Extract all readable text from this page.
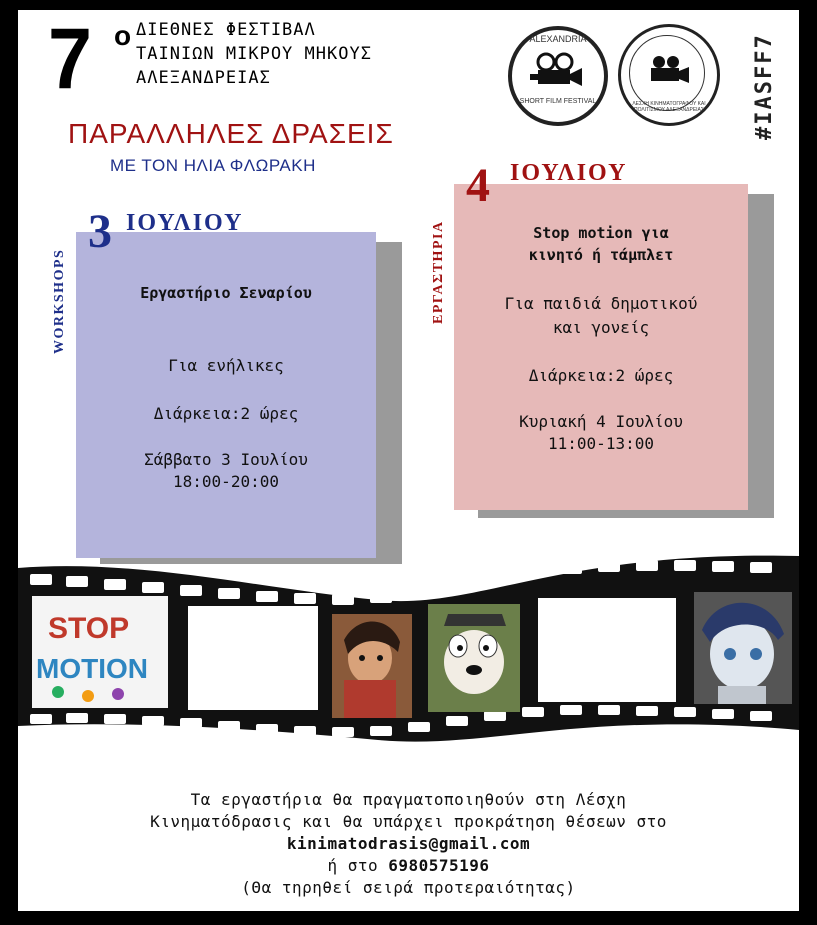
7 ο ΔΙΕΘΝΕΣ ΦΕΣΤΙΒΑΛ
ΤΑΙΝΙΩΝ ΜΙΚΡΟΥ ΜΗΚΟΥΣ
ΑΛΕΞΑΝΔΡΕΙΑΣ
ALEXANDRIA
SHORT FILM FESTIVAL	ΛΕΣΧΗ ΚΙΝΗΜΑΤΟΓΡΑΦΟΥ ΚΑΙ ΠΟΛΙΤΙΣΜΟΥ ΑΛΕΞΑΝΔΡΕΙΑΣ	#IASFF7
ΠΑΡΑΛΛΗΛΕΣ ΔΡΑΣΕΙΣ
ΜΕ ΤΟΝ ΗΛΙΑ ΦΛΩΡΑΚΗ
Εργαστήριο Σεναρίου
Για ενήλικες
Διάρκεια:2 ώρες
Σάββατο 3 Ιουλίου
18:00-20:00
3 ΙΟΥΛΙΟΥ
WORKSHOPS
Stop motion για
κινητό ή τάμπλετ
Για παιδιά δημοτικού
και γονείς
Διάρκεια:2 ώρες
Κυριακή 4 Ιουλίου
11:00-13:00
4 ΙΟΥΛΙΟΥ
ΕΡΓΑΣΤΗΡΙΑ
STOP
MOTION
Τα εργαστήρια θα πραγματοποιηθούν στη Λέσχη
Κινηματόδρασις και θα υπάρχει προκράτηση θέσεων στο
kinimatodrasis@gmail.com
ή στο 6980575196
(Θα τηρηθεί σειρά προτεραιότητας)
